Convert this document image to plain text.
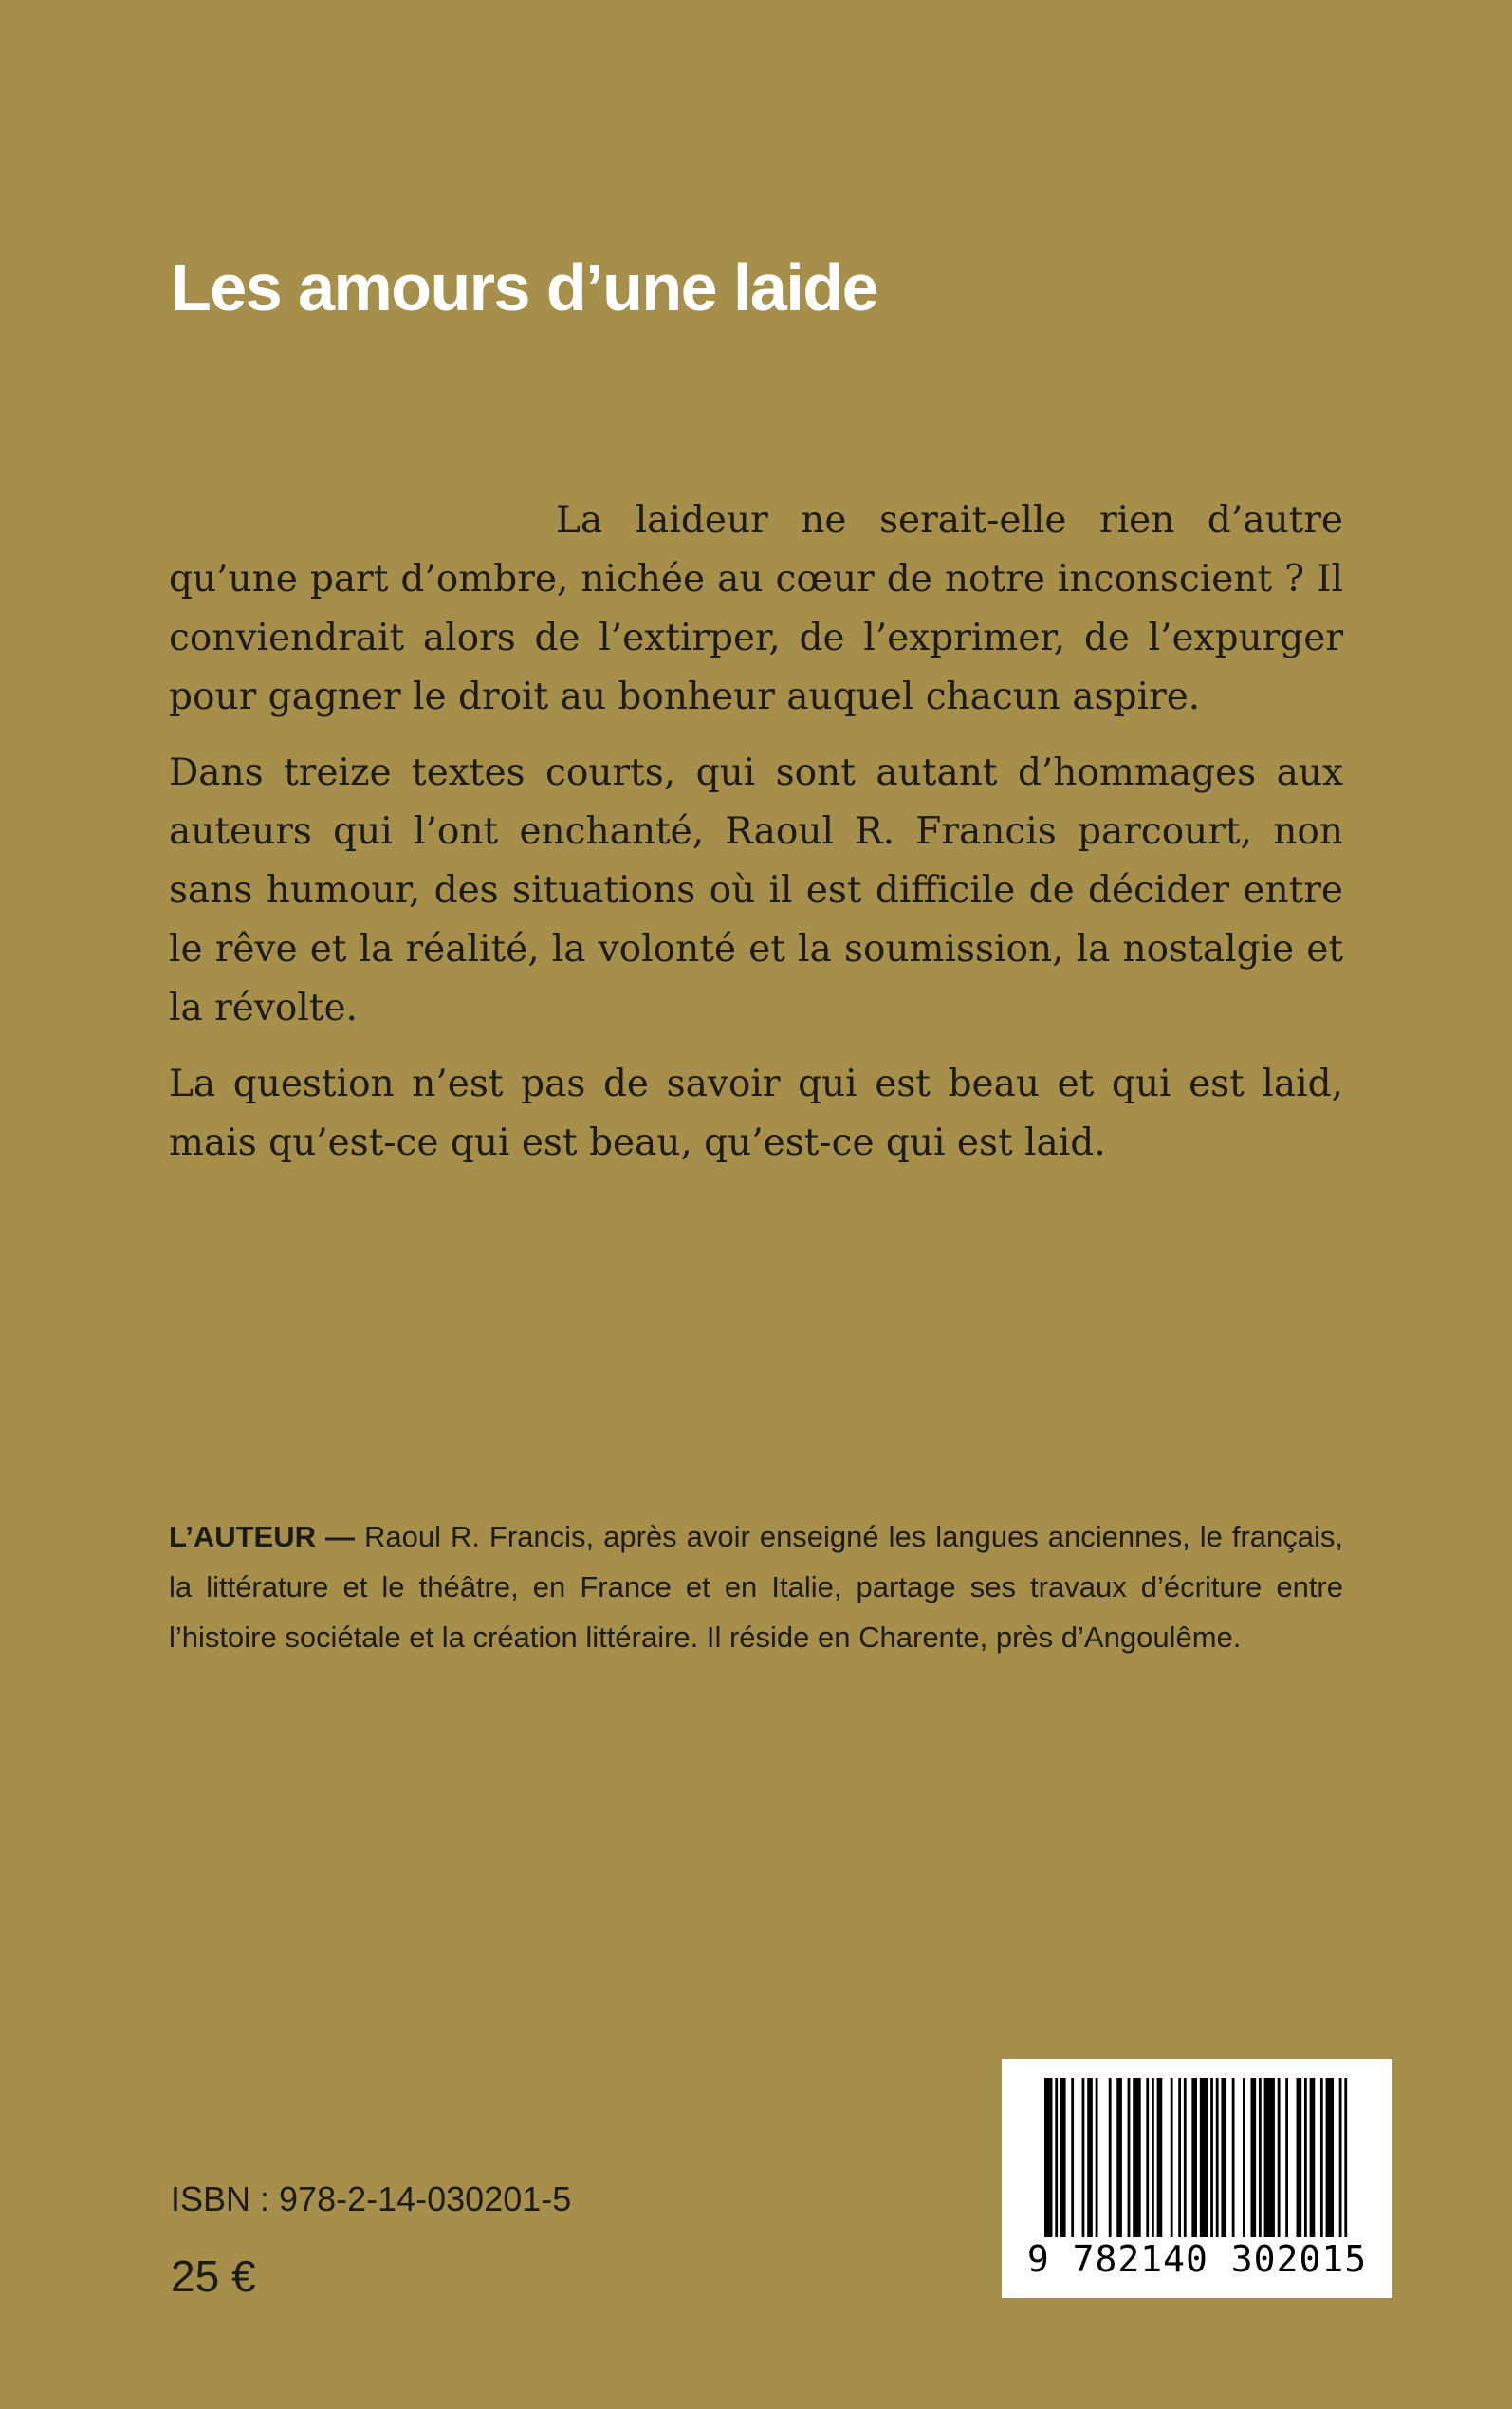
Les amours d’une laide

La laideur ne serait-elle rien d’autre qu’une part d’ombre, nichée au cœur de notre inconscient ? Il conviendrait alors de l’extirper, de l’exprimer, de l’expurger pour gagner le droit au bonheur auquel chacun aspire.

Dans treize textes courts, qui sont autant d’hommages aux auteurs qui l’ont enchanté, Raoul R. Francis parcourt, non sans humour, des situations où il est difficile de décider entre le rêve et la réalité, la volonté et la soumission, la nostalgie et la révolte.

La question n’est pas de savoir qui est beau et qui est laid, mais qu’est-ce qui est beau, qu’est-ce qui est laid.

L’AUTEUR — Raoul R. Francis, après avoir enseigné les langues anciennes, le français, la littérature et le théâtre, en France et en Italie, partage ses travaux d’écriture entre l’histoire sociétale et la création littéraire. Il réside en Charente, près d’Angoulême.
ISBN : 978-2-14-030201-5
25 €	9 782140 302015
